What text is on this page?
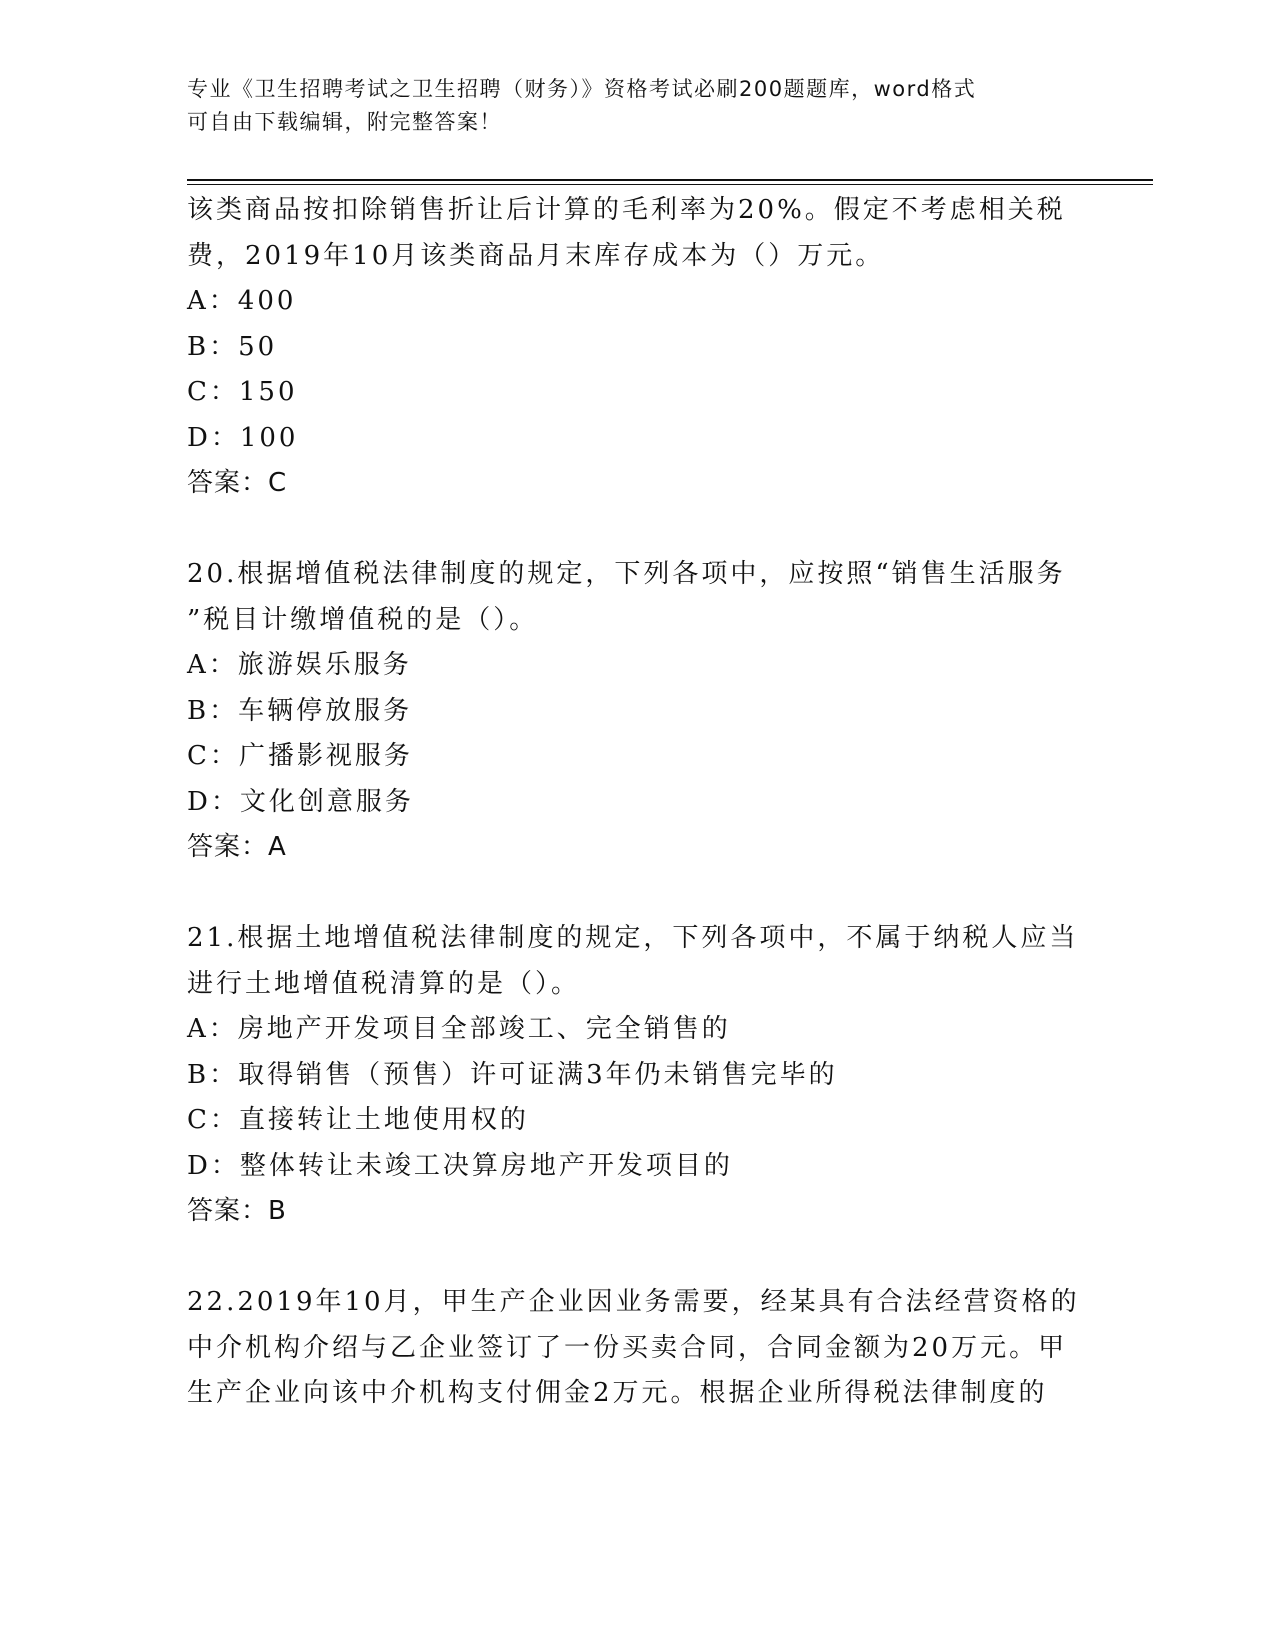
专业《卫生招聘考试之卫生招聘（财务）》资格考试必刷200题题库，word格式
可自由下载编辑，附完整答案！
该类商品按扣除销售折让后计算的毛利率为20%。假定不考虑相关税
费，2019年10月该类商品月末库存成本为（）万元。
A：400
B：50
C：150
D：100
答案：C
20.根据增值税法律制度的规定，下列各项中，应按照“销售生活服务
”税目计缴增值税的是（）。
A：旅游娱乐服务
B：车辆停放服务
C：广播影视服务
D：文化创意服务
答案：A
21.根据土地增值税法律制度的规定，下列各项中，不属于纳税人应当
进行土地增值税清算的是（）。
A：房地产开发项目全部竣工、完全销售的
B：取得销售（预售）许可证满3年仍未销售完毕的
C：直接转让土地使用权的
D：整体转让未竣工决算房地产开发项目的
答案：B
22.2019年10月，甲生产企业因业务需要，经某具有合法经营资格的
中介机构介绍与乙企业签订了一份买卖合同，合同金额为20万元。甲
生产企业向该中介机构支付佣金2万元。根据企业所得税法律制度的
